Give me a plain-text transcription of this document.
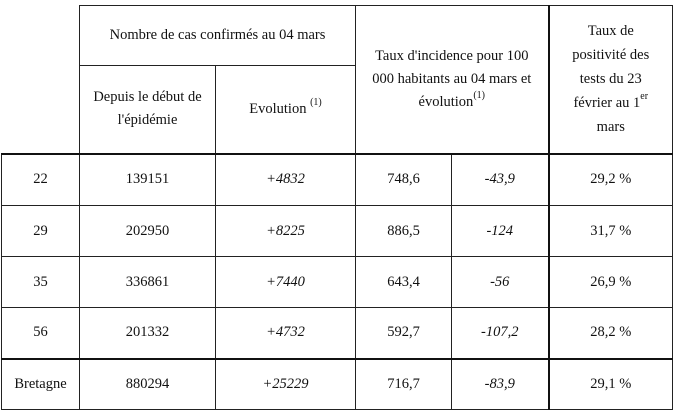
	Nombre de cas confirmés au 04 mars		Taux d'incidence pour 100 000 habitants au 04 mars et évolution$^{(1)}$		Taux de positivité des tests du 23 février au 1er mars
	Depuis le début de l'épidémie	Evolution $^{(1)}$
22	139151	+4832	748,6	-43,9	29,2 %
29	202950	+8225	886,5	-124	31,7 %
35	336861	+7440	643,4	-56	26,9 %
56	201332	+4732	592,7	-107,2	28,2 %
Bretagne	880294	+25229	716,7	-83,9	29,1 %
